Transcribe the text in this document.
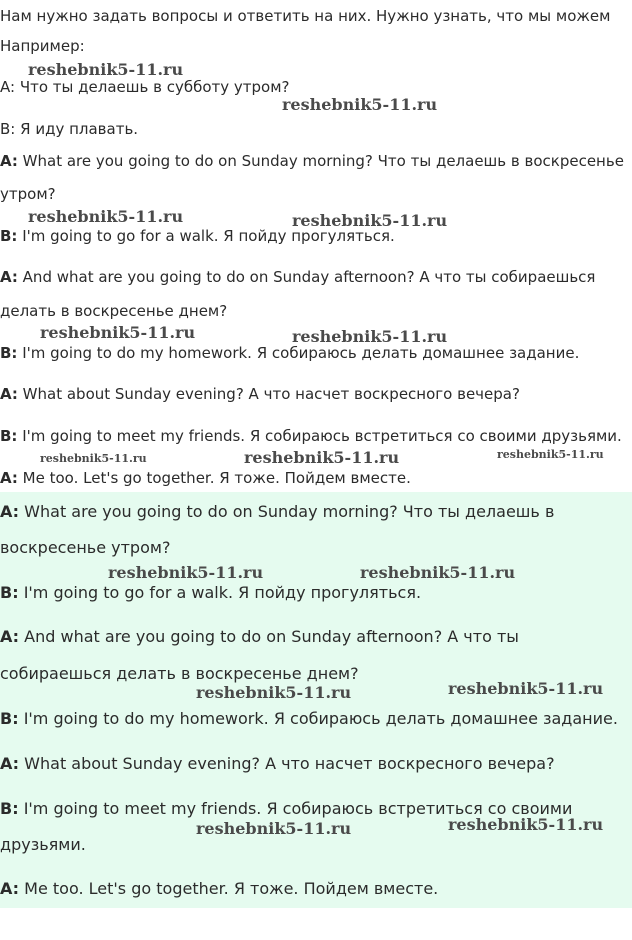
Нам нужно задать вопросы и ответить на них. Нужно узнать, что мы можем
Например:
A: Что ты делаешь в субботу утром?
B: Я иду плавать.
A: What are you going to do on Sunday morning? Что ты делаешь в воскресенье
утром?
B: I'm going to go for a walk. Я пойду прогуляться.
A: And what are you going to do on Sunday afternoon? А что ты собираешься
делать в воскресенье днем?
B: I'm going to do my homework. Я собираюсь делать домашнее задание.
A: What about Sunday evening? А что насчет воскресного вечера?
B: I'm going to meet my friends. Я собираюсь встретиться со своими друзьями.
A: Me too. Let's go together. Я тоже. Пойдем вместе.
A: What are you going to do on Sunday morning? Что ты делаешь в
воскресенье утром?
B: I'm going to go for a walk. Я пойду прогуляться.
A: And what are you going to do on Sunday afternoon? А что ты
собираешься делать в воскресенье днем?
B: I'm going to do my homework. Я собираюсь делать домашнее задание.
A: What about Sunday evening? А что насчет воскресного вечера?
B: I'm going to meet my friends. Я собираюсь встретиться со своими
друзьями.
A: Me too. Let's go together. Я тоже. Пойдем вместе.
reshebnik5-11.ru
reshebnik5-11.ru
reshebnik5-11.ru	reshebnik5-11.ru
reshebnik5-11.ru	reshebnik5-11.ru
reshebnik5-11.ru	reshebnik5-11.ru	reshebnik5-11.ru
reshebnik5-11.ru	reshebnik5-11.ru
reshebnik5-11.ru	reshebnik5-11.ru
reshebnik5-11.ru	reshebnik5-11.ru
